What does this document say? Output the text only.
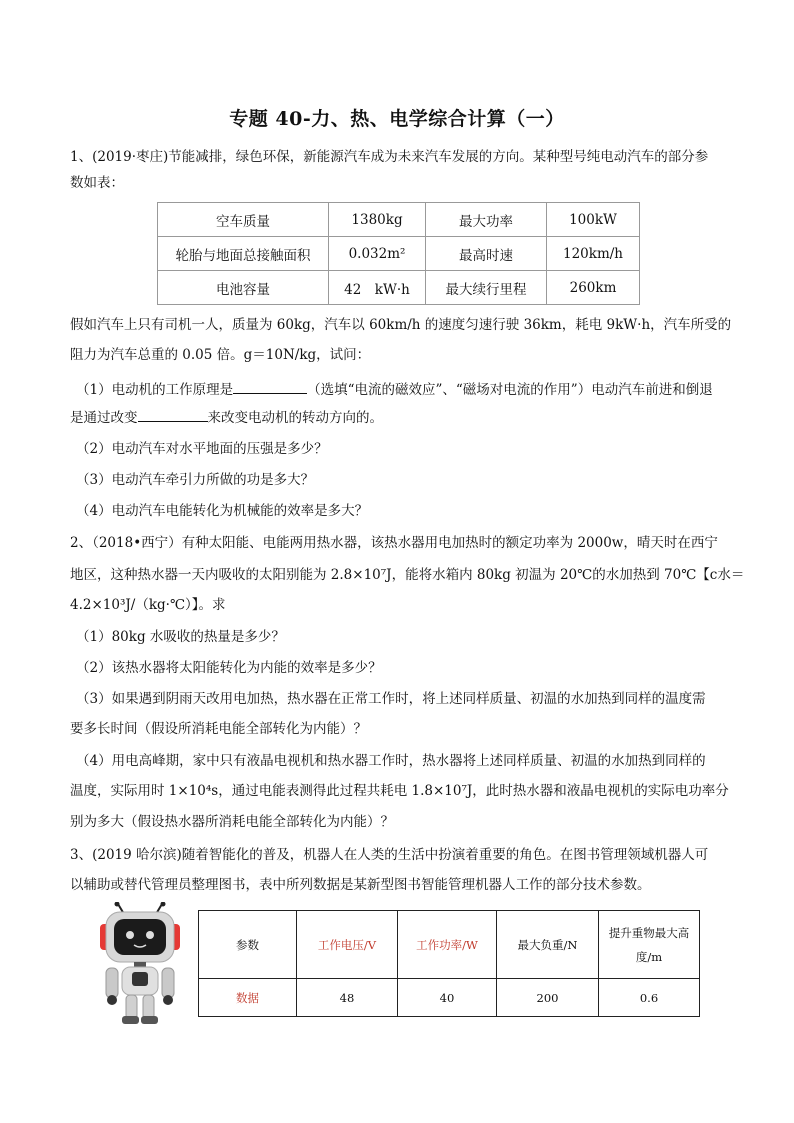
专题 40-力、热、电学综合计算（一）
1、(2019·枣庄)节能减排，绿色环保，新能源汽车成为未来汽车发展的方向。某种型号纯电动汽车的部分参
数如表：
空车质量	1380kg	最大功率	100kW
轮胎与地面总接触面积	0.032m²	最高时速	120km/h
电池容量	42　kW·h	最大续行里程	260km
假如汽车上只有司机一人，质量为 60kg，汽车以 60km/h 的速度匀速行驶 36km，耗电 9kW·h，汽车所受的
阻力为汽车总重的 0.05 倍。g＝10N/kg，试问：
（1）电动机的工作原理是	（选填“电流的磁效应”、“磁场对电流的作用”）电动汽车前进和倒退
是通过改变	来改变电动机的转动方向的。
（2）电动汽车对水平地面的压强是多少？
（3）电动汽车牵引力所做的功是多大？
（4）电动汽车电能转化为机械能的效率是多大？
2、（2018•西宁）有种太阳能、电能两用热水器，该热水器用电加热时的额定功率为 2000w，晴天时在西宁
地区，这种热水器一天内吸收的太阳别能为 2.8×10⁷J，能将水箱内 80kg 初温为 20℃的水加热到 70℃【c水＝
4.2×10³J/（kg·℃）】。求
（1）80kg 水吸收的热量是多少？
（2）该热水器将太阳能转化为内能的效率是多少？
（3）如果遇到阴雨天改用电加热，热水器在正常工作时，将上述同样质量、初温的水加热到同样的温度需
要多长时间（假设所消耗电能全部转化为内能）？
（4）用电高峰期，家中只有液晶电视机和热水器工作时，热水器将上述同样质量、初温的水加热到同样的
温度，实际用时 1×10⁴s，通过电能表测得此过程共耗电 1.8×10⁷J，此时热水器和液晶电视机的实际电功率分
别为多大（假设热水器所消耗电能全部转化为内能）？
3、(2019 哈尔滨)随着智能化的普及，机器人在人类的生活中扮演着重要的角色。在图书管理领域机器人可
以辅助或替代管理员整理图书，表中所列数据是某新型图书智能管理机器人工作的部分技术参数。
参数	工作电压/V	工作功率/W	最大负重/N	提升重物最大高
度/m

数据	48	40	200	0.6
